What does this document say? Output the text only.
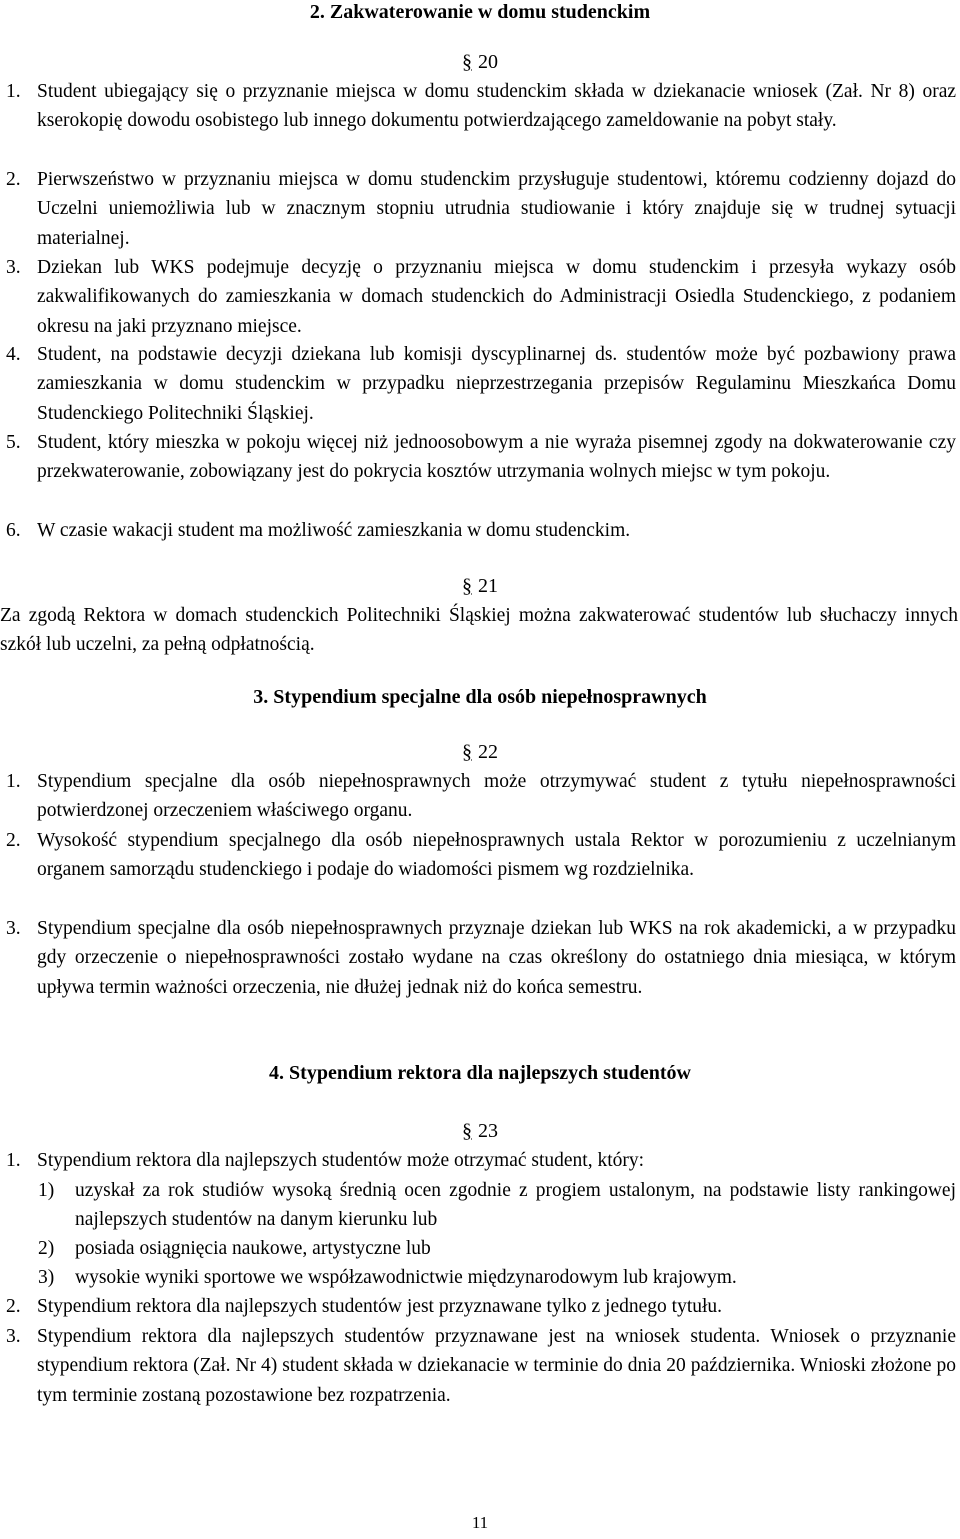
2. Zakwaterowanie w domu studenckim
§ 20
1. Student ubiegający się o przyznanie miejsca w domu studenckim składa w dziekanacie wniosek (Zał. Nr 8) oraz kserokopię dowodu osobistego lub innego dokumentu potwierdzającego zameldowanie na pobyt stały.
2. Pierwszeństwo w przyznaniu miejsca w domu studenckim przysługuje studentowi, któremu codzienny dojazd do Uczelni uniemożliwia lub w znacznym stopniu utrudnia studiowanie i który znajduje się w trudnej sytuacji materialnej.
3. Dziekan lub WKS podejmuje decyzję o przyznaniu miejsca w domu studenckim i przesyła wykazy osób zakwalifikowanych do zamieszkania w domach studenckich do Administracji Osiedla Studenckiego, z podaniem okresu na jaki przyznano miejsce.
4. Student, na podstawie decyzji dziekana lub komisji dyscyplinarnej ds. studentów może być pozbawiony prawa zamieszkania w domu studenckim w przypadku nieprzestrzegania przepisów Regulaminu Mieszkańca Domu Studenckiego Politechniki Śląskiej.
5. Student, który mieszka w pokoju więcej niż jednoosobowym a nie wyraża pisemnej zgody na dokwaterowanie czy przekwaterowanie, zobowiązany jest do pokrycia kosztów utrzymania wolnych miejsc w tym pokoju.
6. W czasie wakacji student ma możliwość zamieszkania w domu studenckim.
§ 21
Za zgodą Rektora w domach studenckich Politechniki Śląskiej można zakwaterować studentów lub słuchaczy innych szkół lub uczelni, za pełną odpłatnością.
3. Stypendium specjalne dla osób niepełnosprawnych
§ 22
1. Stypendium specjalne dla osób niepełnosprawnych może otrzymywać student z tytułu niepełnosprawności potwierdzonej orzeczeniem właściwego organu.
2. Wysokość stypendium specjalnego dla osób niepełnosprawnych ustala Rektor w porozumieniu z uczelnianym organem samorządu studenckiego i podaje do wiadomości pismem wg rozdzielnika.
3. Stypendium specjalne dla osób niepełnosprawnych przyznaje dziekan lub WKS na rok akademicki, a w przypadku gdy orzeczenie o niepełnosprawności zostało wydane na czas określony do ostatniego dnia miesiąca, w którym upływa termin ważności orzeczenia, nie dłużej jednak niż do końca semestru.
4. Stypendium rektora dla najlepszych studentów
§ 23
1. Stypendium rektora dla najlepszych studentów może otrzymać student, który:
1) uzyskał za rok studiów wysoką średnią ocen zgodnie z progiem ustalonym, na podstawie listy rankingowej najlepszych studentów na danym kierunku lub
2) posiada osiągnięcia naukowe, artystyczne lub
3) wysokie wyniki sportowe we współzawodnictwie międzynarodowym lub krajowym.
2. Stypendium rektora dla najlepszych studentów jest przyznawane tylko z jednego tytułu.
3. Stypendium rektora dla najlepszych studentów przyznawane jest na wniosek studenta. Wniosek o przyznanie stypendium rektora (Zał. Nr 4) student składa w dziekanacie w terminie do dnia 20 października. Wnioski złożone po tym terminie zostaną pozostawione bez rozpatrzenia.
11
